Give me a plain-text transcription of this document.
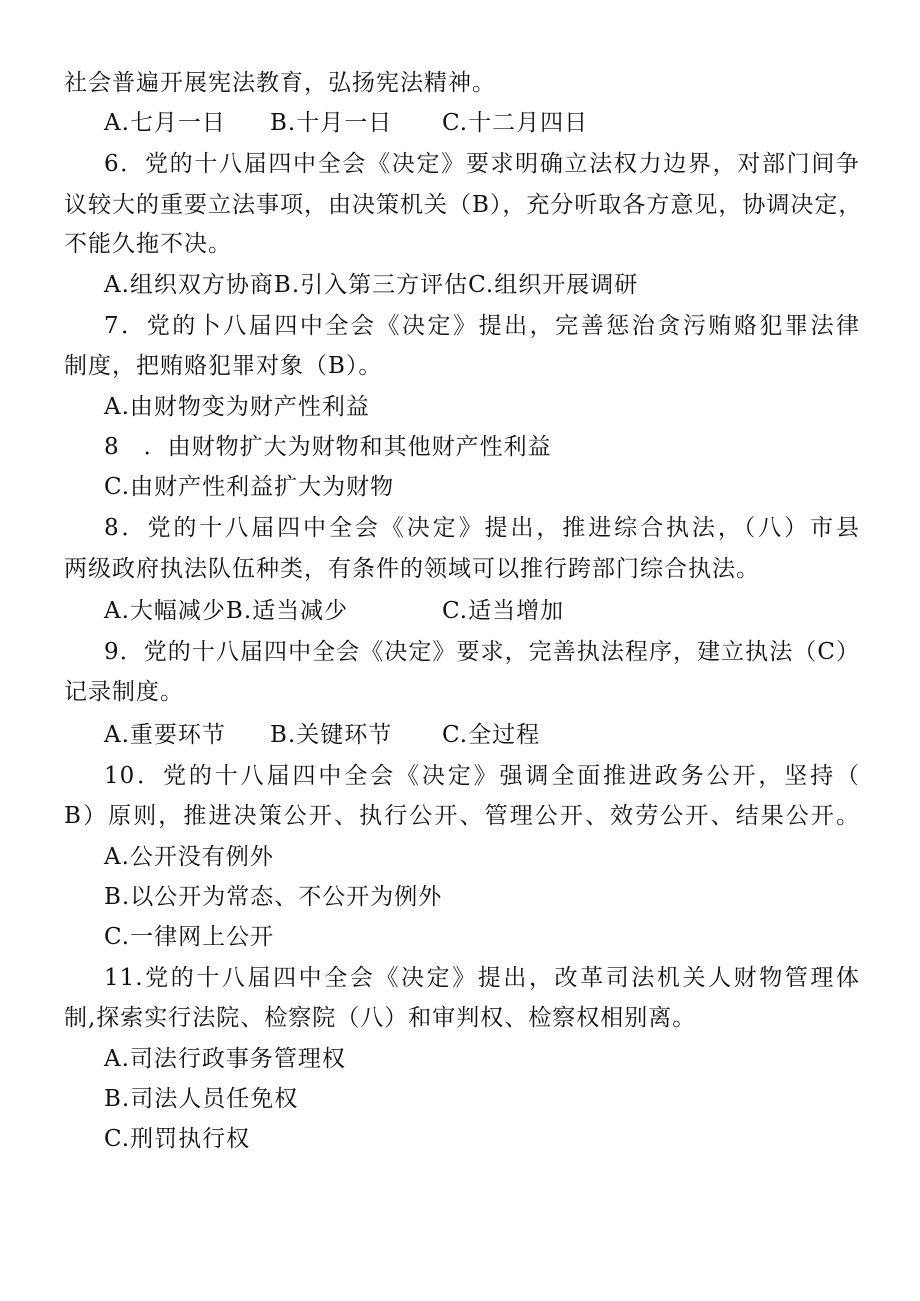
社会普遍开展宪法教育，弘扬宪法精神。
A.七月一日 B.十月一日 C.十二月四日
6．党的十八届四中全会《决定》要求明确立法权力边界，对部门间争
议较大的重要立法事项，由决策机关（B），充分听取各方意见，协调决定，
不能久拖不决。
A.组织双方协商B.引入第三方评估C.组织开展调研
7．党的卜八届四中全会《决定》提出，完善惩治贪污贿赂犯罪法律
制度，把贿赂犯罪对象（B）。
A.由财物变为财产性利益
8　．由财物扩大为财物和其他财产性利益
C.由财产性利益扩大为财物
8．党的十八届四中全会《决定》提出，推进综合执法，（八）市县
两级政府执法队伍种类，有条件的领域可以推行跨部门综合执法。
A.大幅减少B.适当减少	C.适当增加
9．党的十八届四中全会《决定》要求，完善执法程序，建立执法（C）
记录制度。
A.重要环节 B.关键环节 C.全过程
10．党的十八届四中全会《决定》强调全面推进政务公开，坚持（
B）原则，推进决策公开、执行公开、管理公开、效劳公开、结果公开。
A.公开没有例外
B.以公开为常态、不公开为例外
C.一律网上公开
11.党的十八届四中全会《决定》提出，改革司法机关人财物管理体
制,探索实行法院、检察院（八）和审判权、检察权相别离。
A.司法行政事务管理权
B.司法人员任免权
C.刑罚执行权
